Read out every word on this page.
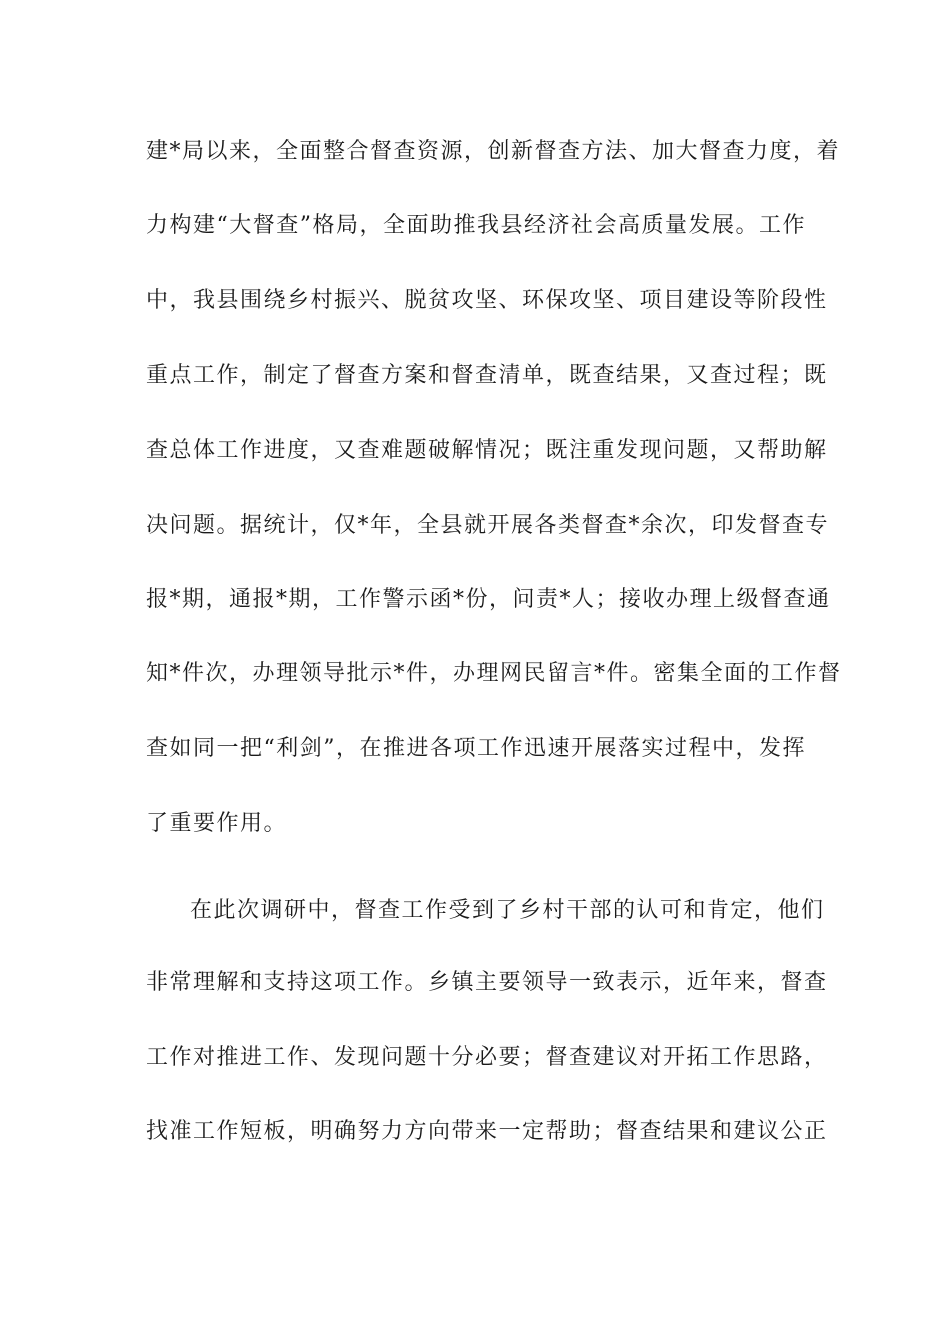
建*局以来，全面整合督查资源，创新督查方法、加大督查力度，着
力构建“大督查”格局，全面助推我县经济社会高质量发展。工作
中，我县围绕乡村振兴、脱贫攻坚、环保攻坚、项目建设等阶段性
重点工作，制定了督查方案和督查清单，既查结果，又查过程；既
查总体工作进度，又查难题破解情况；既注重发现问题，又帮助解
决问题。据统计，仅*年，全县就开展各类督查*余次，印发督查专
报*期，通报*期，工作警示函*份，问责*人；接收办理上级督查通
知*件次，办理领导批示*件，办理网民留言*件。密集全面的工作督
查如同一把“利剑”，在推进各项工作迅速开展落实过程中，发挥
了重要作用。
在此次调研中，督查工作受到了乡村干部的认可和肯定，他们
非常理解和支持这项工作。乡镇主要领导一致表示，近年来，督查
工作对推进工作、发现问题十分必要；督查建议对开拓工作思路，
找准工作短板，明确努力方向带来一定帮助；督查结果和建议公正
